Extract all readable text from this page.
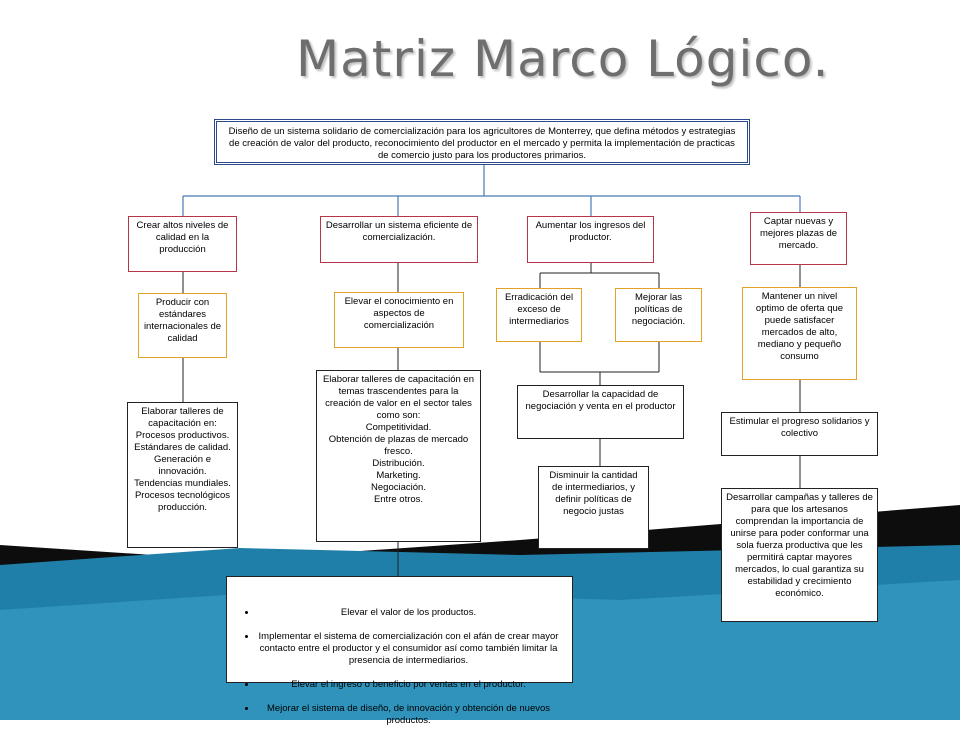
Matriz Marco Lógico.
Diseño de un sistema solidario de comercialización para los agricultores de Monterrey, que defina métodos y estrategias de creación de valor del producto, reconocimiento del productor en el mercado y permita la implementación de practicas de comercio justo para los productores primarios.
Crear altos niveles de calidad en la producción
Desarrollar un sistema eficiente de comercialización.
Aumentar los ingresos del productor.
Captar nuevas y mejores plazas de mercado.
Producir con estándares internacionales de calidad
Elevar el conocimiento en aspectos de comercialización
Erradicación del exceso de intermediarios
Mejorar las políticas de negociación.
Mantener un nivel optimo de oferta que puede satisfacer mercados de alto, mediano y pequeño consumo
Elaborar talleres de capacitación en:
Procesos productivos.
Estándares de calidad.
Generación e innovación.
Tendencias mundiales.
Procesos tecnológicos producción.
Elaborar talleres de capacitación en temas trascendentes para la creación de valor en el sector tales como son:
Competitividad.
Obtención de plazas de mercado fresco.
Distribución.
Marketing.
Negociación.
Entre otros.
Desarrollar la capacidad de negociación y venta en el productor
Disminuir la cantidad de intermediarios, y definir políticas de negocio justas
Estimular el progreso solidarios y colectivo
Desarrollar campañas y talleres de para que los artesanos comprendan la importancia de unirse para poder conformar una sola fuerza productiva que les permitirá captar mayores mercados, lo cual garantiza su estabilidad y crecimiento económico.

• Elevar el valor de los productos.

• Implementar el sistema de comercialización con el afán de crear mayor contacto entre el productor y el consumidor así como también limitar la presencia de intermediarios.

• Elevar el ingreso o beneficio por ventas en el productor.

• Mejorar el sistema de diseño, de innovación y obtención de nuevos productos.
